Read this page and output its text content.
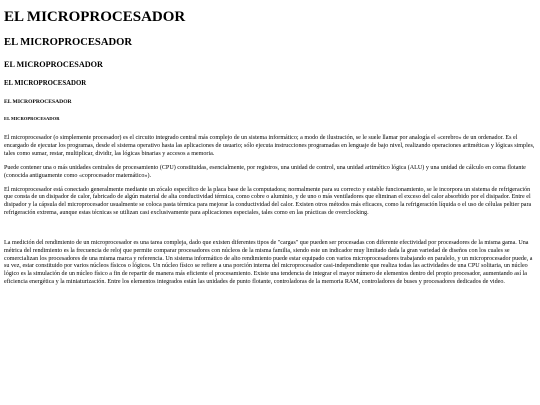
EL MICROPROCESADOR
EL MICROPROCESADOR
EL MICROPROCESADOR
EL MICROPROCESADOR
EL MICROPROCESADOR
EL MICROPROCESADOR

El microprocesador (o simplemente procesador) es el circuito integrado central más complejo de un sistema informático; a modo de ilustración, se le suele llamar por analogía el «cerebro» de un ordenador. Es el encargado de ejecutar los programas, desde el sistema operativo hasta las aplicaciones de usuario; sólo ejecuta instrucciones programadas en lenguaje de bajo nivel, realizando operaciones aritméticas y lógicas simples, tales como sumar, restar, multiplicar, dividir, las lógicas binarias y accesos a memoria.

Puede contener una o más unidades centrales de procesamiento (CPU) constituidas, esencialmente, por registros, una unidad de control, una unidad aritmético lógica (ALU) y una unidad de cálculo en coma flotante (conocida antiguamente como «coprocesador matemático»).

El microprocesador está conectado generalmente mediante un zócalo específico de la placa base de la computadora; normalmente para su correcto y estable funcionamiento, se le incorpora un sistema de refrigeración que consta de un disipador de calor, fabricado de algún material de alta conductividad térmica, como cobre o aluminio, y de uno o más ventiladores que eliminan el exceso del calor absorbido por el disipador. Entre el disipador y la cápsula del microprocesador usualmente se coloca pasta térmica para mejorar la conductividad del calor. Existen otros métodos más eficaces, como la refrigeración líquida o el uso de células peltier para refrigeración extrema, aunque estas técnicas se utilizan casi exclusivamente para aplicaciones especiales, tales como en las prácticas de overclocking.

La medición del rendimiento de un microprocesador es una tarea compleja, dado que existen diferentes tipos de "cargas" que pueden ser procesadas con diferente efectividad por procesadores de la misma gama. Una métrica del rendimiento es la frecuencia de reloj que permite comparar procesadores con núcleos de la misma familia, siendo este un indicador muy limitado dada la gran variedad de diseños con los cuales se comercializan los procesadores de una misma marca y referencia. Un sistema informático de alto rendimiento puede estar equipado con varios microprocesadores trabajando en paralelo, y un microprocesador puede, a su vez, estar constituido por varios núcleos físicos o lógicos. Un núcleo físico se refiere a una porción interna del microprocesador casi-independiente que realiza todas las actividades de una CPU solitaria, un núcleo lógico es la simulación de un núcleo físico a fin de repartir de manera más eficiente el procesamiento. Existe una tendencia de integrar el mayor número de elementos dentro del propio procesador, aumentando así la eficiencia energética y la miniaturización. Entre los elementos integrados están las unidades de punto flotante, controladoras de la memoria RAM, controladores de buses y procesadores dedicados de video.
